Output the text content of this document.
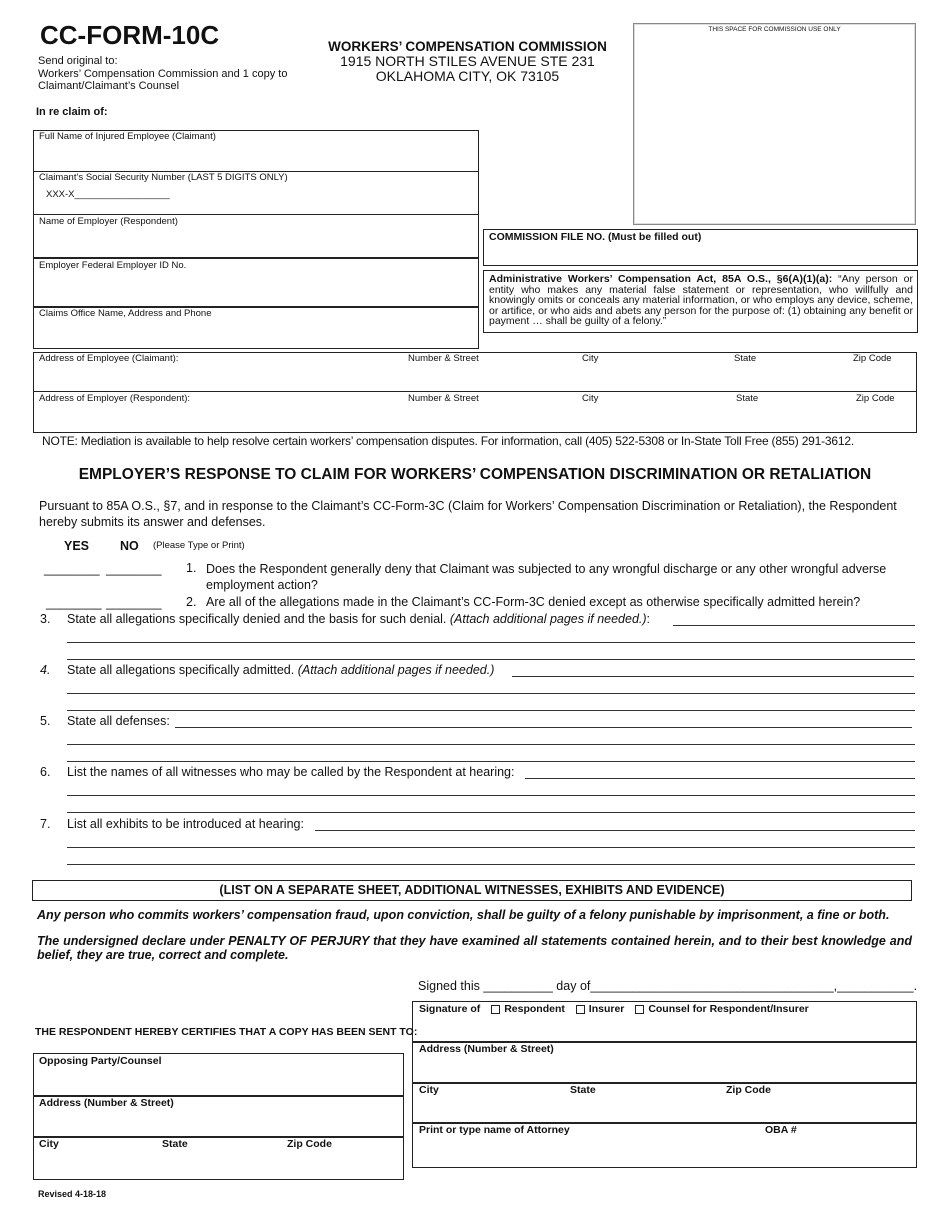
CC-FORM-10C
Send original to:
Workers’ Compensation Commission and 1 copy to
Claimant/Claimant’s Counsel
WORKERS’ COMPENSATION COMMISSION
1915 NORTH STILES AVENUE STE 231
OKLAHOMA CITY, OK 73105
THIS SPACE FOR COMMISSION USE ONLY
In re claim of:
Full Name of Injured Employee (Claimant)
Claimant’s Social Security Number (LAST 5 DIGITS ONLY)
XXX-X__________________
Name of Employer (Respondent)
Employer Federal Employer ID No.
Claims Office Name, Address and Phone
COMMISSION FILE NO. (Must be filled out)
Administrative Workers’ Compensation Act, 85A O.S., §6(A)(1)(a): “Any person or entity who makes any material false statement or representation, who willfully and knowingly omits or conceals any material information, or who employs any device, scheme, or artifice, or who aids and abets any person for the purpose of: (1) obtaining any benefit or payment … shall be guilty of a felony.”
Address of Employee (Claimant):	Number & Street	City	State	Zip Code
Address of Employer (Respondent):	Number & Street	City	State	Zip Code
NOTE: Mediation is available to help resolve certain workers’ compensation disputes. For information, call (405) 522-5308 or In-State Toll Free (855) 291-3612.
EMPLOYER’S RESPONSE TO CLAIM FOR WORKERS’ COMPENSATION DISCRIMINATION OR RETALIATION
Pursuant to 85A O.S., §7, and in response to the Claimant’s CC-Form-3C (Claim for Workers’ Compensation Discrimination or Retaliation), the Respondent hereby submits its answer and defenses.
YES NO (Please Type or Print)
________ ________ 1. Does the Respondent generally deny that Claimant was subjected to any wrongful discharge or any other wrongful adverse
employment action?
________ ________ 2. Are all of the allegations made in the Claimant’s CC-Form-3C denied except as otherwise specifically admitted herein?
3. State all allegations specifically denied and the basis for such denial. (Attach additional pages if needed.):
4. State all allegations specifically admitted. (Attach additional pages if needed.)
5. State all defenses:
6. List the names of all witnesses who may be called by the Respondent at hearing:
7. List all exhibits to be introduced at hearing:
(LIST ON A SEPARATE SHEET, ADDITIONAL WITNESSES, EXHIBITS AND EVIDENCE)
Any person who commits workers’ compensation fraud, upon conviction, shall be guilty of a felony punishable by imprisonment, a fine or both.
The undersigned declare under PENALTY OF PERJURY that they have examined all statements contained herein, and to their best knowledge and belief, they are true, correct and complete.
Signed this __________ day of___________________________________,___________.
Signature of Respondent Insurer Counsel for Respondent/Insurer
Address (Number & Street)
City	State	Zip Code
Print or type name of Attorney	OBA #
THE RESPONDENT HEREBY CERTIFIES THAT A COPY HAS BEEN SENT TO:
Opposing Party/Counsel
Address (Number & Street)
City	State	Zip Code
Revised 4-18-18
